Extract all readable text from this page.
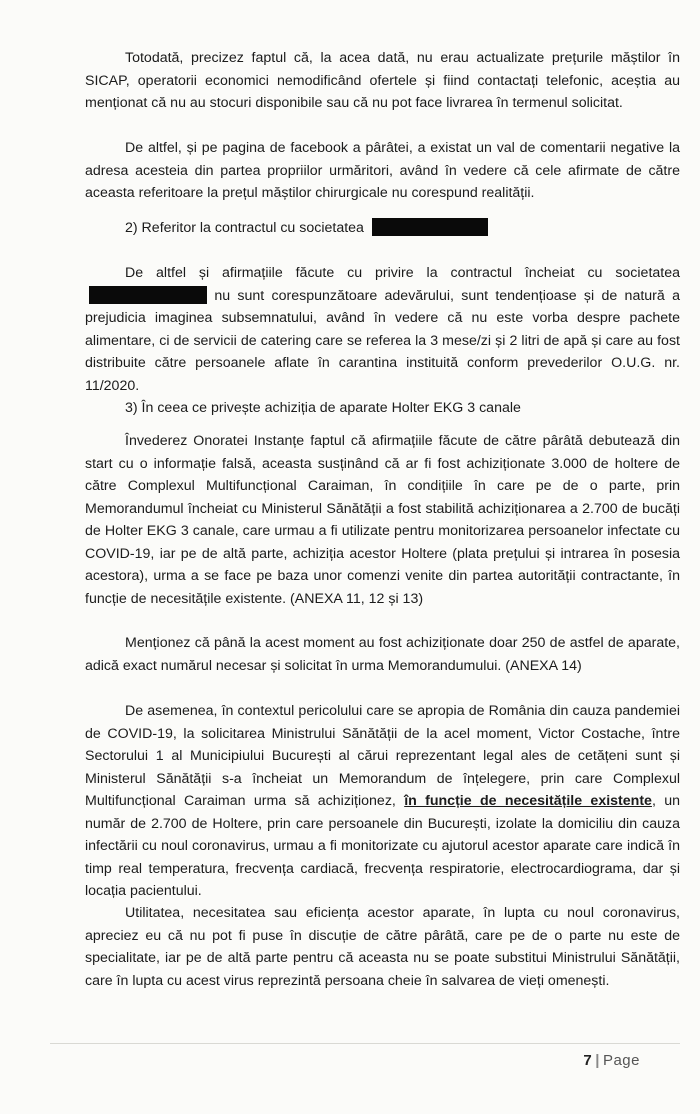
Totodată, precizez faptul că, la acea dată, nu erau actualizate prețurile măștilor în SICAP, operatorii economici nemodificând ofertele și fiind contactați telefonic, aceștia au menționat că nu au stocuri disponibile sau că nu pot face livrarea în termenul solicitat.

De altfel, și pe pagina de facebook a pârâtei, a existat un val de comentarii negative la adresa acesteia din partea propriilor urmăritori, având în vedere că cele afirmate de către aceasta referitoare la prețul măștilor chirurgicale nu corespund realității.

2) Referitor la contractul cu societatea

De altfel și afirmațiile făcute cu privire la contractul încheiat cu societatea  nu sunt corespunzătoare adevărului, sunt tendențioase și de natură a prejudicia imaginea subsemnatului, având în vedere că nu este vorba despre pachete alimentare, ci de servicii de catering care se referea la 3 mese/zi și 2 litri de apă și care au fost distribuite către persoanele aflate în carantina instituită conform prevederilor O.U.G. nr. 11/2020.

3) În ceea ce privește achiziția de aparate Holter EKG 3 canale

Învederez Onoratei Instanțe faptul că afirmațiile făcute de către pârâtă debutează din start cu o informație falsă, aceasta susținând că ar fi fost achiziționate 3.000 de holtere de către Complexul Multifuncțional Caraiman, în condițiile în care pe de o parte, prin Memorandumul încheiat cu Ministerul Sănătății a fost stabilită achiziționarea a 2.700 de bucăți de Holter EKG 3 canale, care urmau a fi utilizate pentru monitorizarea persoanelor infectate cu COVID-19, iar pe de altă parte, achiziția acestor Holtere (plata prețului și intrarea în posesia acestora), urma a se face pe baza unor comenzi venite din partea autorității contractante, în funcție de necesitățile existente. (ANEXA 11, 12 și 13)

Menționez că până la acest moment au fost achiziționate doar 250 de astfel de aparate, adică exact numărul necesar și solicitat în urma Memorandumului. (ANEXA 14)

De asemenea, în contextul pericolului care se apropia de România din cauza pandemiei de COVID-19, la solicitarea Ministrului Sănătății de la acel moment, Victor Costache, între Sectorului 1 al Municipiului București al cărui reprezentant legal ales de cetățeni sunt și Ministerul Sănătății s-a încheiat un Memorandum de înțelegere, prin care Complexul Multifuncțional Caraiman urma să achiziționez, în funcție de necesitățile existente, un număr de 2.700 de Holtere, prin care persoanele din București, izolate la domiciliu din cauza infectării cu noul coronavirus, urmau a fi monitorizate cu ajutorul acestor aparate care indică în timp real temperatura, frecvența cardiacă, frecvența respiratorie, electrocardiograma, dar și locația pacientului.

Utilitatea, necesitatea sau eficiența acestor aparate, în lupta cu noul coronavirus, apreciez eu că nu pot fi puse în discuție de către pârâtă, care pe de o parte nu este de specialitate, iar pe de altă parte pentru că aceasta nu se poate substitui Ministrului Sănătății, care în lupta cu acest virus reprezintă persoana cheie în salvarea de vieți omenești.

7 | Page
